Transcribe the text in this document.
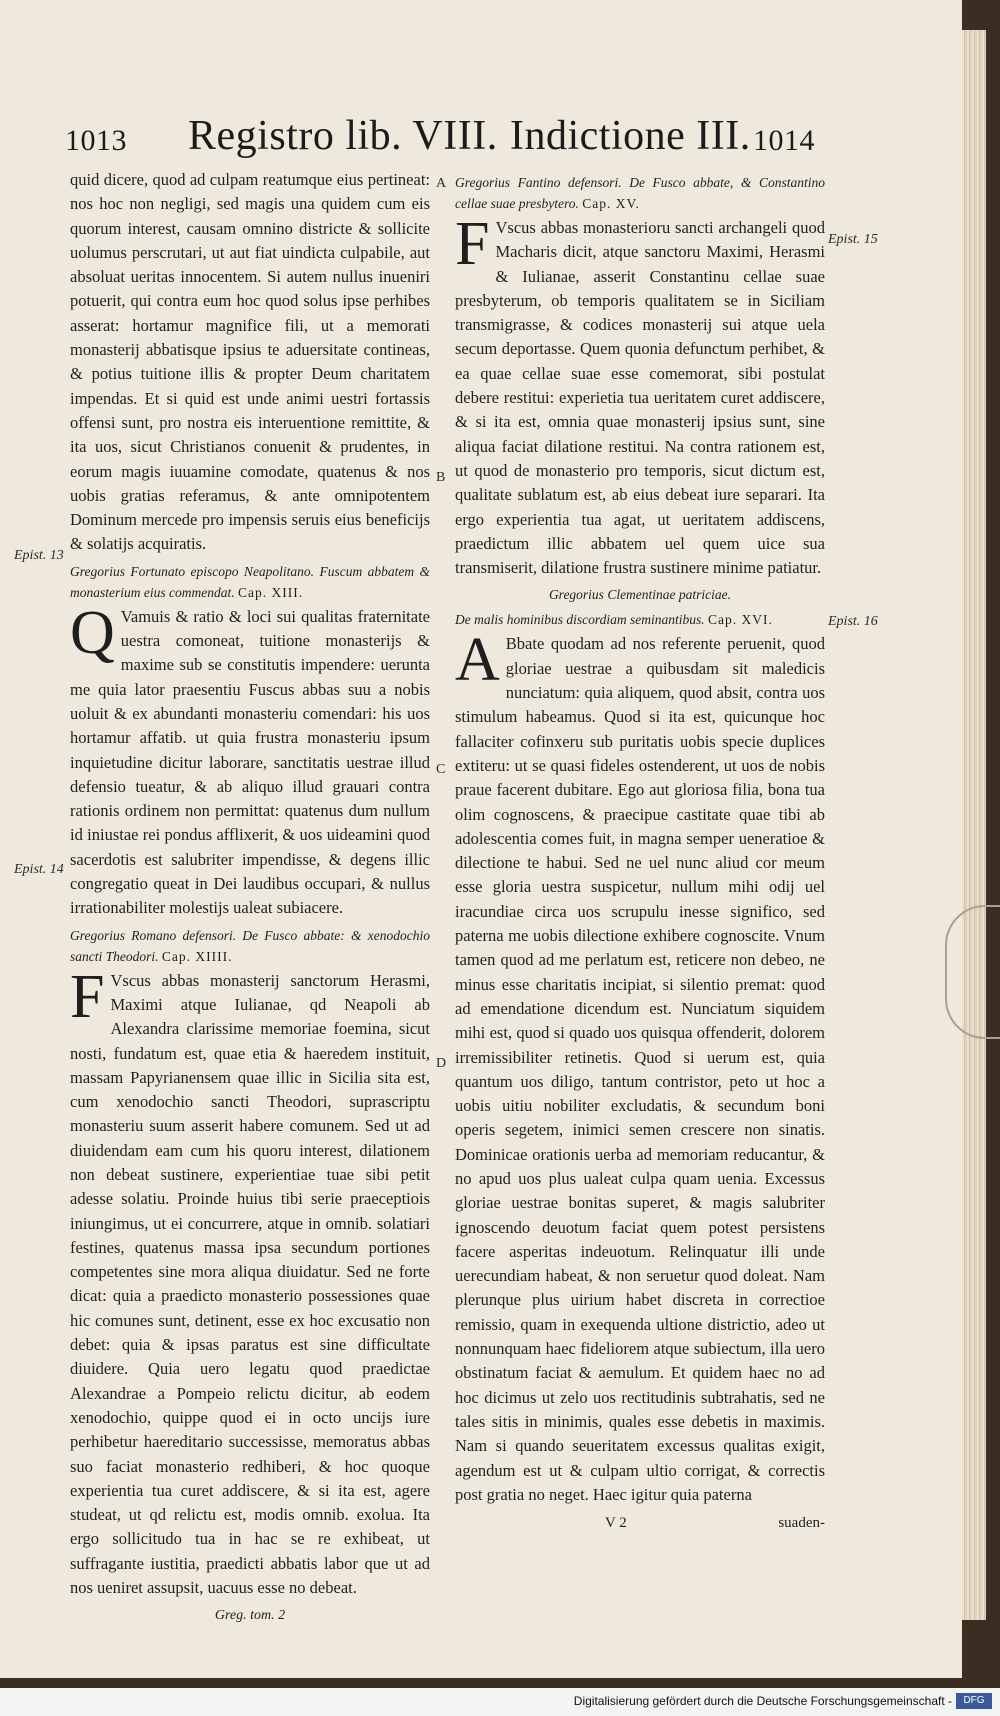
1013 Registro lib. VIII. Indictione III. 1014

quid dicere, quod ad culpam reatumque eius pertineat: nos hoc non negligi, sed magis una quidem cum eis quorum interest, causam omnino districte & sollicite uolumus perscrutari, ut aut fiat uindicta culpabile, aut absoluat ueritas innocentem. Si autem nullus inueniri potuerit, qui contra eum hoc quod solus ipse perhibes asserat: hortamur magnifice fili, ut a memorati monasterij abbatisque ipsius te aduersitate contineas, & potius tuitione illis & propter Deum charitatem impendas. Et si quid est unde animi uestri fortassis offensi sunt, pro nostra eis interuentione remittite, & ita uos, sicut Christianos conuenit & prudentes, in eorum magis iuuamine comodate, quatenus & nos uobis gratias referamus, & ante omnipotentem Dominum mercede pro impensis seruis eius beneficijs & solatijs acquiratis.

Gregorius Fortunato episcopo Neapolitano. Fuscum abbatem & monasterium eius commendat. Cap. XIII.

Q Vamuis & ratio & loci sui qualitas fraternitate uestra comoneat, tuitione monasterijs & maxime sub se constitutis impendere: uerunta me quia lator praesentiu Fuscus abbas suu a nobis uoluit & ex abundanti monasteriu comendari: his uos hortamur affatib. ut quia frustra monasteriu ipsum inquietudine dicitur laborare, sanctitatis uestrae illud defensio tueatur, & ab aliquo illud grauari contra rationis ordinem non permittat: quatenus dum nullum id iniustae rei pondus afflixerit, & uos uideamini quod sacerdotis est salubriter impendisse, & degens illic congregatio queat in Dei laudibus occupari, & nullus irrationabiliter molestijs ualeat subiacere.

Gregorius Romano defensori. De Fusco abbate: & xenodochio sancti Theodori. Cap. XIIII.

F Vscus abbas monasterij sanctorum Herasmi, Maximi atque Iulianae, qd Neapoli ab Alexandra clarissime memoriae foemina, sicut nosti, fundatum est, quae etia & haeredem instituit, massam Papyrianensem quae illic in Sicilia sita est, cum xenodochio sancti Theodori, suprascriptu monasteriu suum asserit habere comunem. Sed ut ad diuidendam eam cum his quoru interest, dilationem non debeat sustinere, experientiae tuae sibi petit adesse solatiu. Proinde huius tibi serie praeceptiois iniungimus, ut ei concurrere, atque in omnib. solatiari festines, quatenus massa ipsa secundum portiones competentes sine mora aliqua diuidatur. Sed ne forte dicat: quia a praedicto monasterio possessiones quae hic comunes sunt, detinent, esse ex hoc excusatio non debet: quia & ipsas paratus est sine difficultate diuidere. Quia uero legatu quod praedictae Alexandrae a Pompeio relictu dicitur, ab eodem xenodochio, quippe quod ei in octo uncijs iure perhibetur haereditario successisse, memoratus abbas suo faciat monasterio redhiberi, & hoc quoque experientia tua curet addiscere, & si ita est, agere studeat, ut qd relictu est, modis omnib. exolua. Ita ergo sollicitudo tua in hac se re exhibeat, ut suffragante iustitia, praedicti abbatis labor que ut ad nos ueniret assupsit, uacuus esse no debeat.

Greg. tom. 2
Gregorius Fantino defensori. De Fusco abbate, & Constantino cellae suae presbytero. Cap. XV.

F Vscus abbas monasterioru sancti archangeli quod Macharis dicit, atque sanctoru Maximi, Herasmi & Iulianae, asserit Constantinu cellae suae presbyterum, ob temporis qualitatem se in Siciliam transmigrasse, & codices monasterij sui atque uela secum deportasse. Quem quonia defunctum perhibet, & ea quae cellae suae esse comemorat, sibi postulat debere restitui: experietia tua ueritatem curet addiscere, & si ita est, omnia quae monasterij ipsius sunt, sine aliqua faciat dilatione restitui. Na contra rationem est, ut quod de monasterio pro temporis, sicut dictum est, qualitate sublatum est, ab eius debeat iure separari. Ita ergo experientia tua agat, ut ueritatem addiscens, praedictum illic abbatem uel quem uice sua transmiserit, dilatione frustra sustinere minime patiatur.

Gregorius Clementinae patriciae.
De malis hominibus discordiam seminantibus. Cap. XVI.

A Bbate quodam ad nos referente peruenit, quod gloriae uestrae a quibusdam sit maledicis nunciatum: quia aliquem, quod absit, contra uos stimulum habeamus. Quod si ita est, quicunque hoc fallaciter cofinxeru sub puritatis uobis specie duplices extiteru: ut se quasi fideles ostenderent, ut uos de nobis praue facerent dubitare. Ego aut gloriosa filia, bona tua olim cognoscens, & praecipue castitate quae tibi ab adolescentia comes fuit, in magna semper ueneratioe & dilectione te habui. Sed ne uel nunc aliud cor meum esse gloria uestra suspicetur, nullum mihi odij uel iracundiae circa uos scrupulu inesse significo, sed paterna me uobis dilectione exhibere cognoscite. Vnum tamen quod ad me perlatum est, reticere non debeo, ne minus esse charitatis incipiat, si silentio premat: quod ad emendatione dicendum est. Nunciatum siquidem mihi est, quod si quado uos quisqua offenderit, dolorem irremissibiliter retinetis. Quod si uerum est, quia quantum uos diligo, tantum contristor, peto ut hoc a uobis uitiu nobiliter excludatis, & secundum boni operis segetem, inimici semen crescere non sinatis. Dominicae orationis uerba ad memoriam reducantur, & no apud uos plus ualeat culpa quam uenia. Excessus gloriae uestrae bonitas superet, & magis salubriter ignoscendo deuotum faciat quem potest persistens facere asperitas indeuotum. Relinquatur illi unde uerecundiam habeat, & non seruetur quod doleat. Nam plerunque plus uirium habet discreta in correctioe remissio, quam in exequenda ultione districtio, adeo ut nonnunquam haec fideliorem atque subiectum, illa uero obstinatum faciat & aemulum. Et quidem haec no ad hoc dicimus ut zelo uos rectitudinis subtrahatis, sed ne tales sitis in minimis, quales esse debetis in maximis. Nam si quando seueritatem excessus qualitas exigit, agendum est ut & culpam ultio corrigat, & correctis post gratia no neget. Haec igitur quia paterna

V 2	suaden-
Epist. 13
Epist. 14
Epist. 15
Epist. 16
A
B
C
D
Digitalisierung gefördert durch die Deutsche Forschungsgemeinschaft -	DFG
